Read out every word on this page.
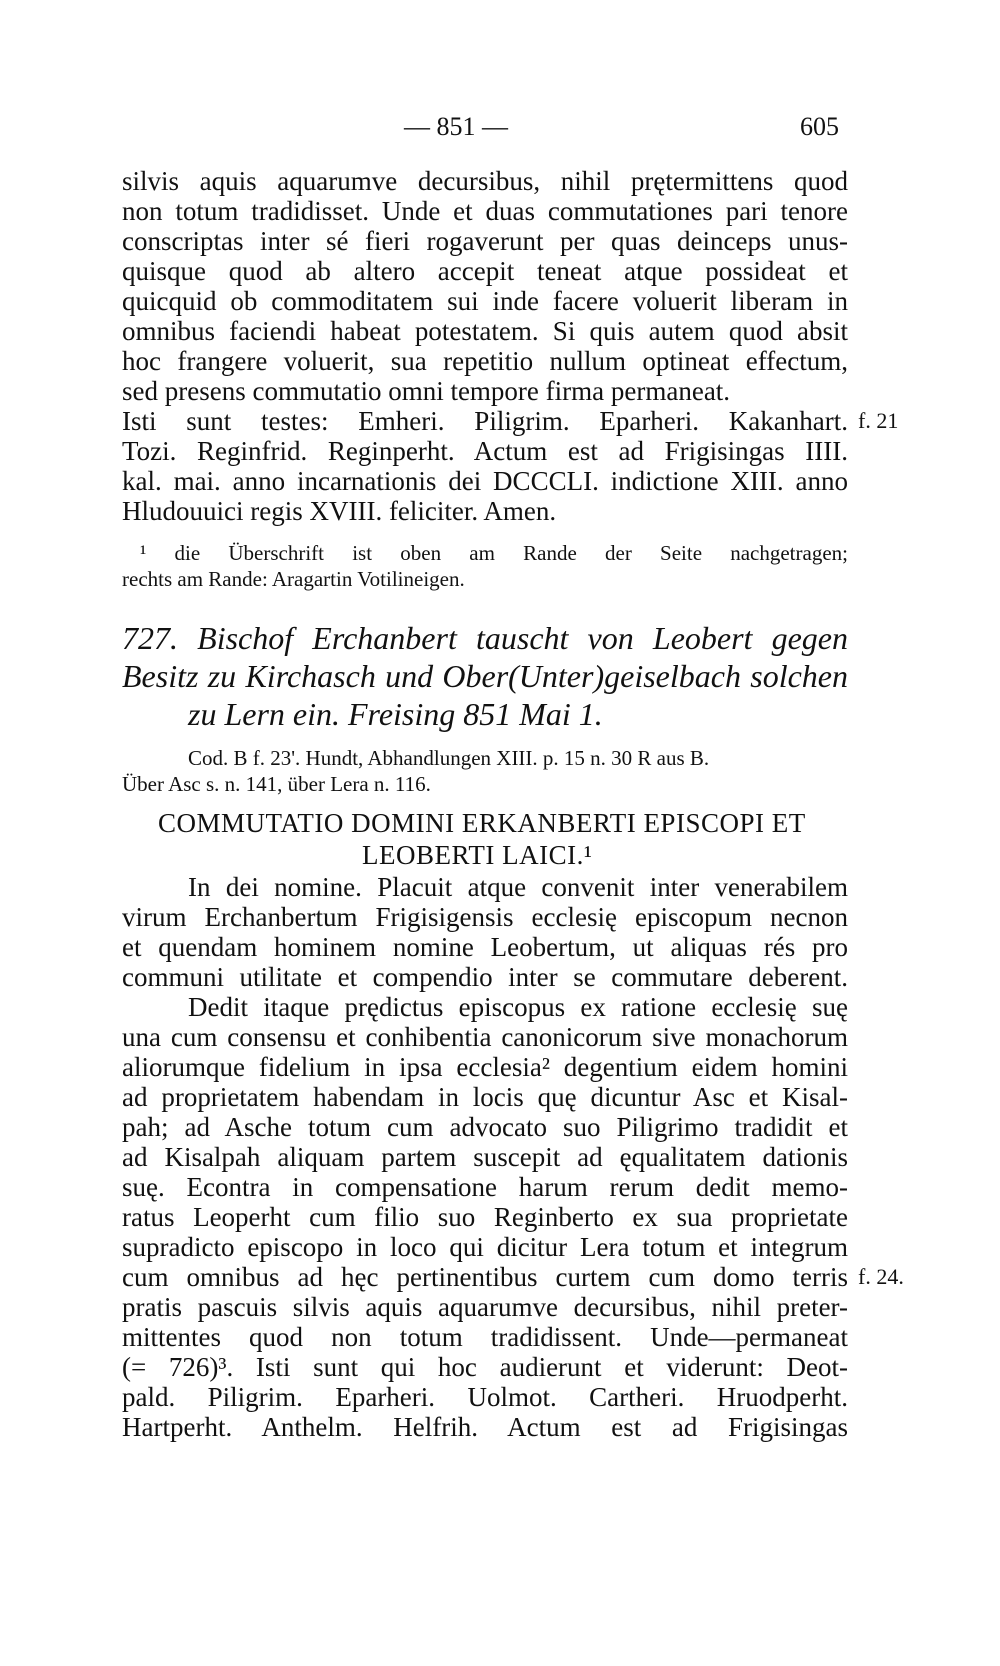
— 851 —	605
silvis aquis aquarumve decursibus, nihil prętermittens quod
non totum tradidisset. Unde et duas commutationes pari tenore
conscriptas inter sé fieri rogaverunt per quas deinceps unus-
quisque quod ab altero accepit teneat atque possideat et
quicquid ob commoditatem sui inde facere voluerit liberam in
omnibus faciendi habeat potestatem. Si quis autem quod absit
hoc frangere voluerit, sua repetitio nullum optineat effectum,
sed presens commutatio omni tempore firma permaneat.
Isti sunt testes: Emheri. Piligrim. Eparheri. Kakanhart.
Tozi. Reginfrid. Reginperht. Actum est ad Frigisingas IIII.
kal. mai. anno incarnationis dei DCCCLI. indictione XIII. anno
Hludouuici regis XVIII. feliciter. Amen.
f. 21
¹ die Überschrift ist oben am Rande der Seite nachgetragen;
rechts am Rande: Aragartin Votilineigen.
727. Bischof Erchanbert tauscht von Leobert gegen
Besitz zu Kirchasch und Ober(Unter)geiselbach solchen
zu Lern ein. Freising 851 Mai 1.
Cod. B f. 23'. Hundt, Abhandlungen XIII. p. 15 n. 30 R aus B.
Über Asc s. n. 141, über Lera n. 116.
COMMUTATIO DOMINI ERKANBERTI EPISCOPI ET
LEOBERTI LAICI.¹
In dei nomine. Placuit atque convenit inter venerabilem
virum Erchanbertum Frigisigensis ecclesię episcopum necnon
et quendam hominem nomine Leobertum, ut aliquas rés pro
communi utilitate et compendio inter se commutare deberent.
Dedit itaque prędictus episcopus ex ratione ecclesię suę
una cum consensu et conhibentia canonicorum sive monachorum
aliorumque fidelium in ipsa ecclesia² degentium eidem homini
ad proprietatem habendam in locis quę dicuntur Asc et Kisal-
pah; ad Asche totum cum advocato suo Piligrimo tradidit et
ad Kisalpah aliquam partem suscepit ad ęqualitatem dationis
suę. Econtra in compensatione harum rerum dedit memo-
ratus Leoperht cum filio suo Reginberto ex sua proprietate
supradicto episcopo in loco qui dicitur Lera totum et integrum
cum omnibus ad hęc pertinentibus curtem cum domo terris
pratis pascuis silvis aquis aquarumve decursibus, nihil preter-
mittentes quod non totum tradidissent. Unde—permaneat
(= 726)³. Isti sunt qui hoc audierunt et viderunt: Deot-
pald. Piligrim. Eparheri. Uolmot. Cartheri. Hruodperht.
Hartperht. Anthelm. Helfrih. Actum est ad Frigisingas
f. 24.
